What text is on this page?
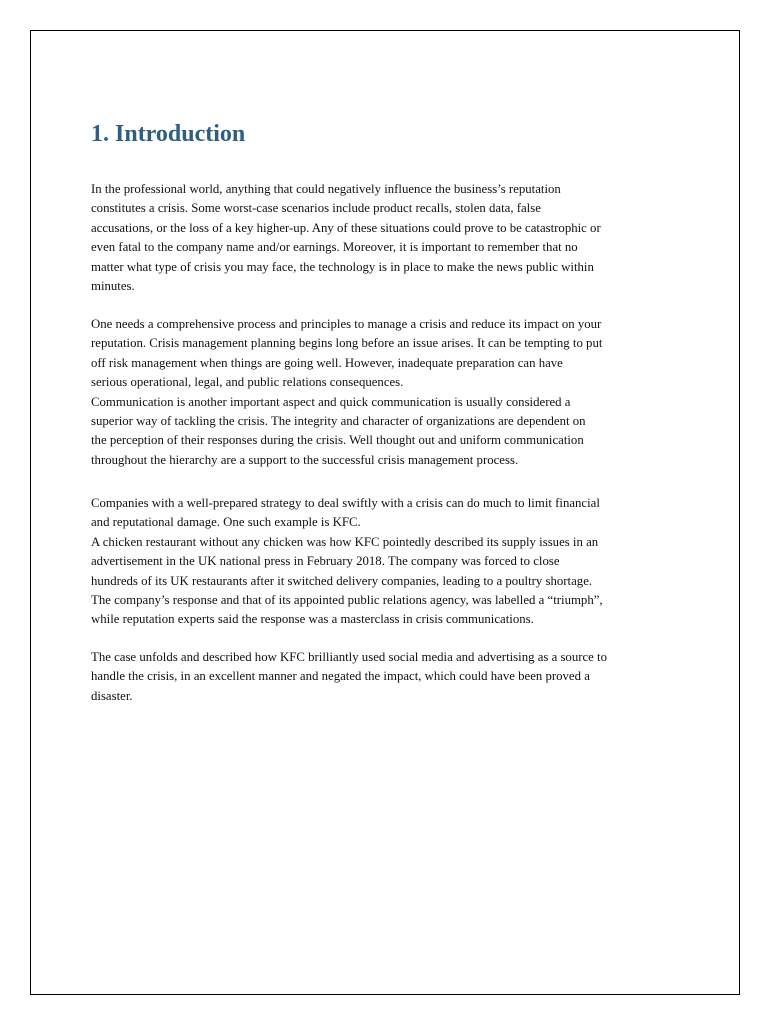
1. Introduction
In the professional world, anything that could negatively influence the business’s reputation
constitutes a crisis. Some worst-case scenarios include product recalls, stolen data, false
accusations, or the loss of a key higher-up. Any of these situations could prove to be catastrophic or
even fatal to the company name and/or earnings. Moreover, it is important to remember that no
matter what type of crisis you may face, the technology is in place to make the news public within
minutes.
One needs a comprehensive process and principles to manage a crisis and reduce its impact on your
reputation. Crisis management planning begins long before an issue arises. It can be tempting to put
off risk management when things are going well. However, inadequate preparation can have
serious operational, legal, and public relations consequences.
Communication is another important aspect and quick communication is usually considered a
superior way of tackling the crisis. The integrity and character of organizations are dependent on
the perception of their responses during the crisis. Well thought out and uniform communication
throughout the hierarchy are a support to the successful crisis management process.
Companies with a well-prepared strategy to deal swiftly with a crisis can do much to limit financial
and reputational damage. One such example is KFC.
A chicken restaurant without any chicken was how KFC pointedly described its supply issues in an
advertisement in the UK national press in February 2018. The company was forced to close
hundreds of its UK restaurants after it switched delivery companies, leading to a poultry shortage.
The company’s response and that of its appointed public relations agency, was labelled a “triumph”,
while reputation experts said the response was a masterclass in crisis communications.
The case unfolds and described how KFC brilliantly used social media and advertising as a source to
handle the crisis, in an excellent manner and negated the impact, which could have been proved a
disaster.
